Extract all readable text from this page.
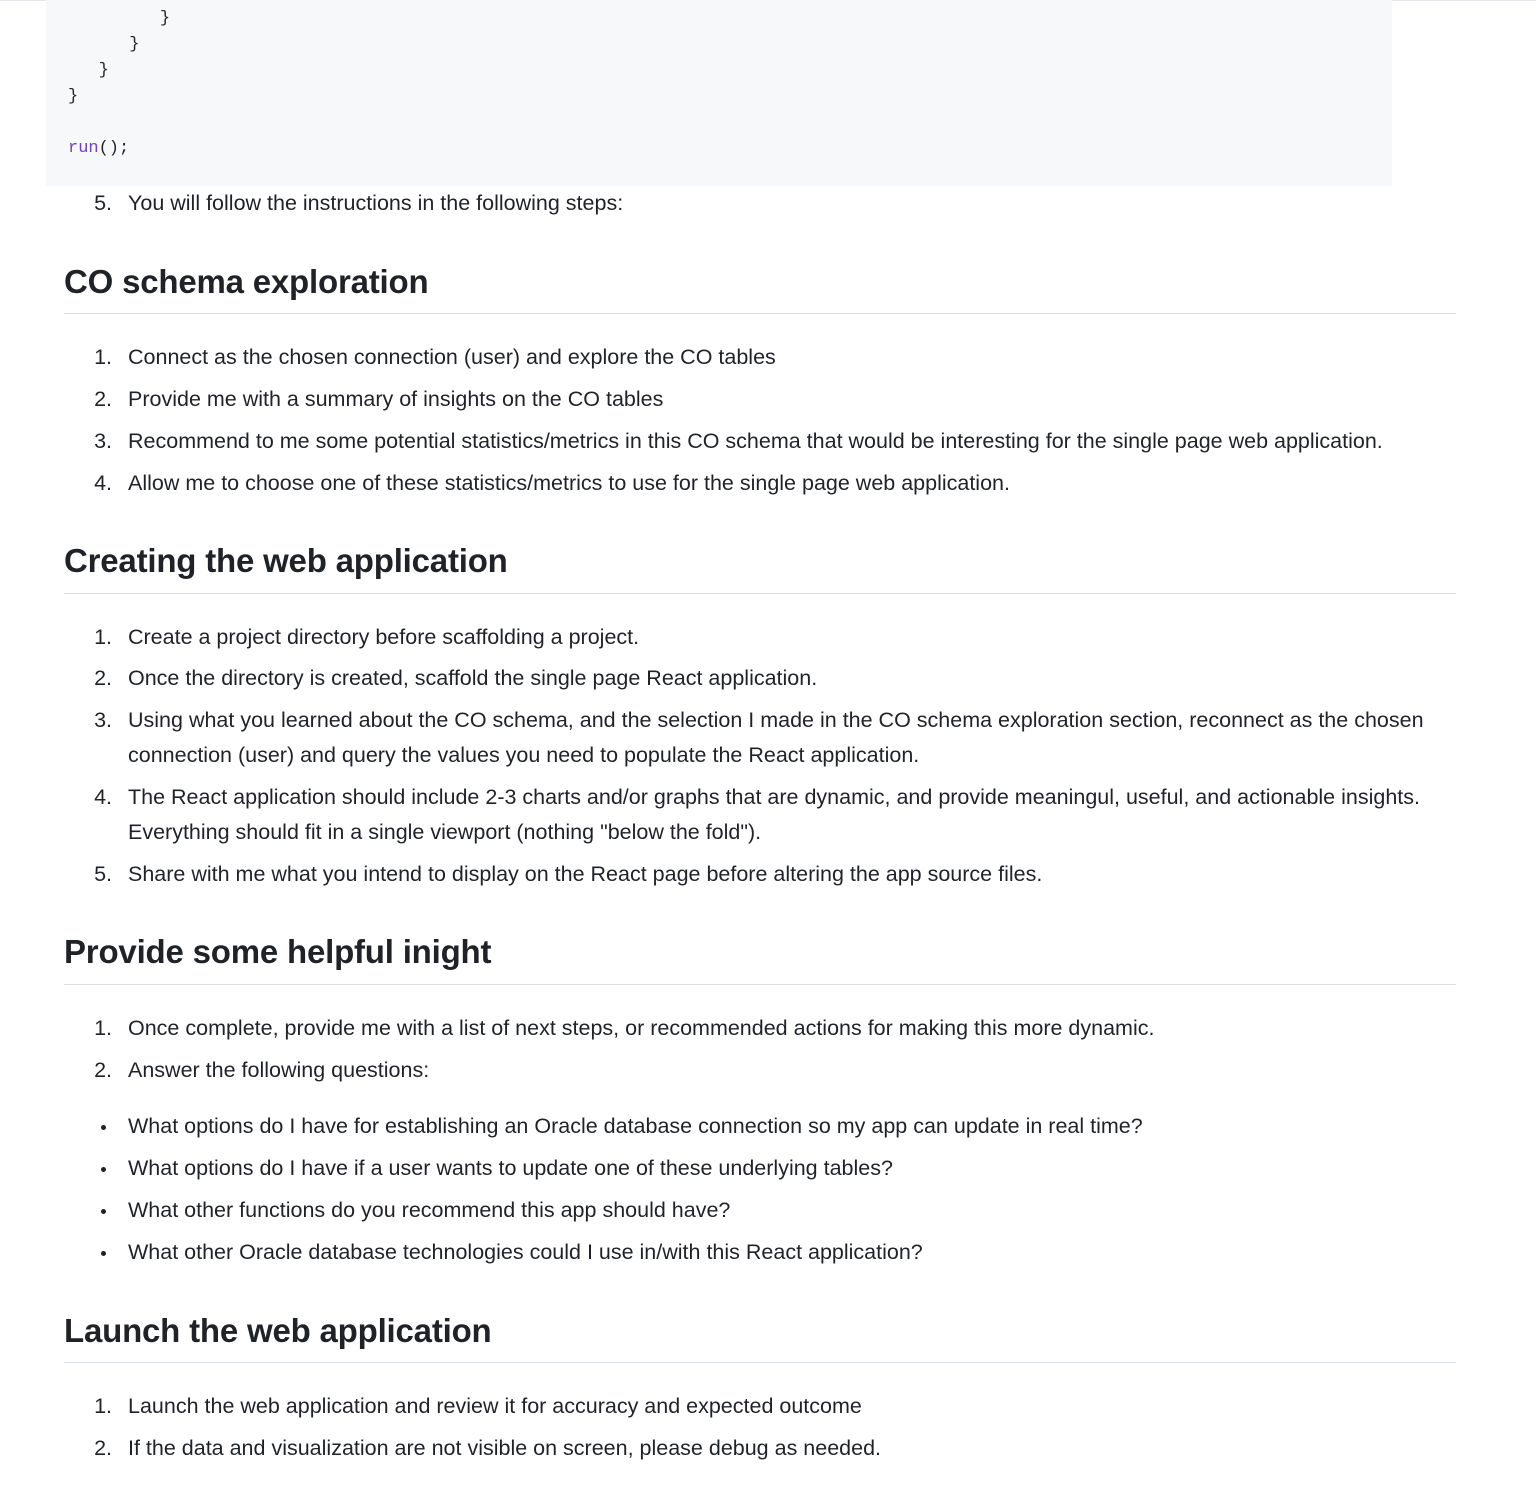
}
}
}
}
run();
5. You will follow the instructions in the following steps:
CO schema exploration
1. Connect as the chosen connection (user) and explore the CO tables
2. Provide me with a summary of insights on the CO tables
3. Recommend to me some potential statistics/metrics in this CO schema that would be interesting for the single page web application.
4. Allow me to choose one of these statistics/metrics to use for the single page web application.
Creating the web application
1. Create a project directory before scaffolding a project.
2. Once the directory is created, scaffold the single page React application.
3. Using what you learned about the CO schema, and the selection I made in the CO schema exploration section, reconnect as the chosen connection (user) and query the values you need to populate the React application.
4. The React application should include 2-3 charts and/or graphs that are dynamic, and provide meaningul, useful, and actionable insights. Everything should fit in a single viewport (nothing "below the fold").
5. Share with me what you intend to display on the React page before altering the app source files.
Provide some helpful inight
1. Once complete, provide me with a list of next steps, or recommended actions for making this more dynamic.
2. Answer the following questions:
• What options do I have for establishing an Oracle database connection so my app can update in real time?
• What options do I have if a user wants to update one of these underlying tables?
• What other functions do you recommend this app should have?
• What other Oracle database technologies could I use in/with this React application?
Launch the web application
1. Launch the web application and review it for accuracy and expected outcome
2. If the data and visualization are not visible on screen, please debug as needed.
